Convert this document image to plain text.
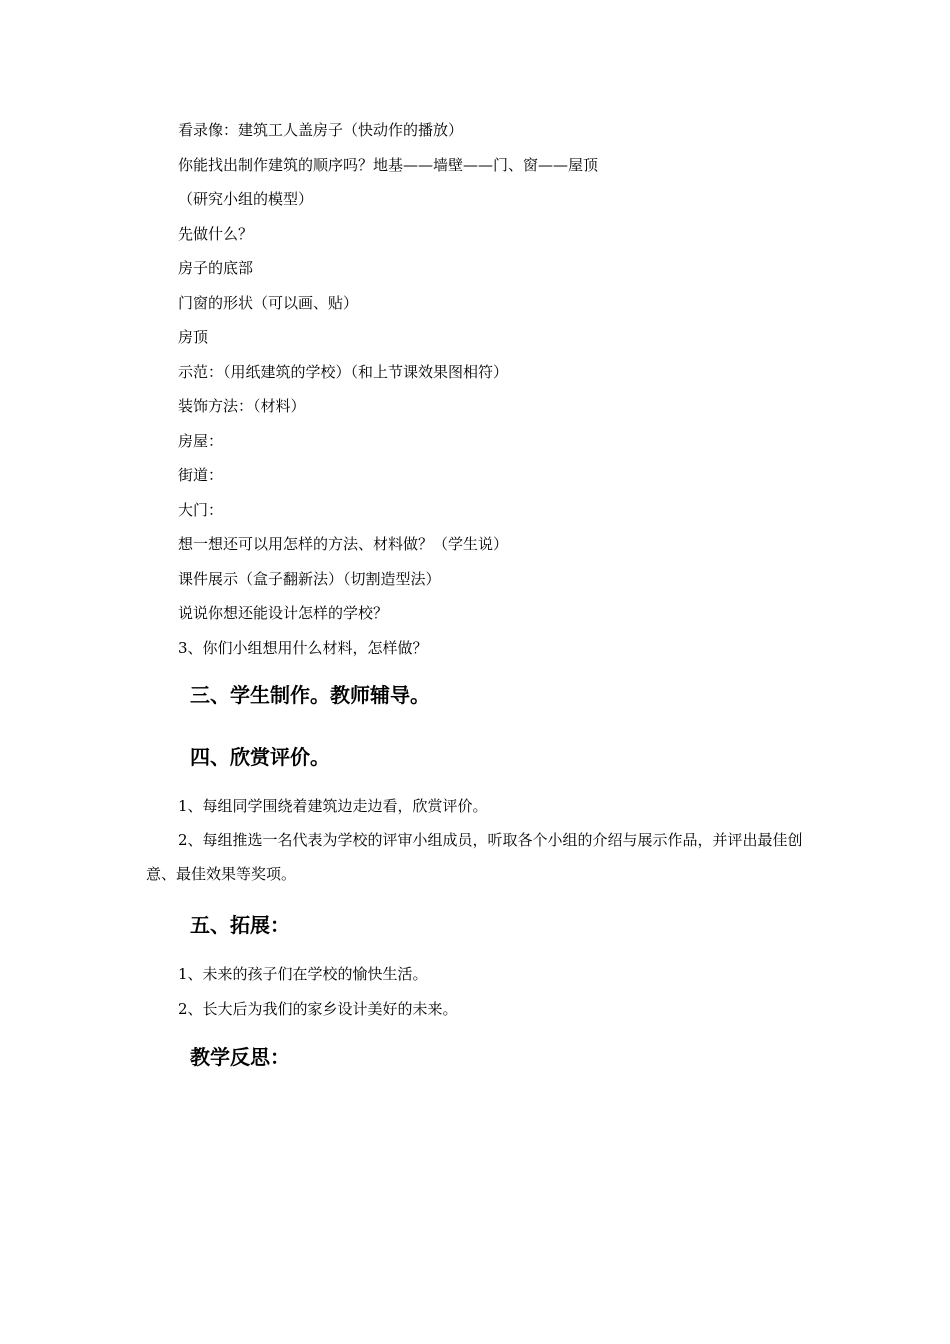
看录像：建筑工人盖房子（快动作的播放）
你能找出制作建筑的顺序吗？地基——墙壁——门、窗——屋顶
（研究小组的模型）
先做什么？
房子的底部
门窗的形状（可以画、贴）
房顶
示范：（用纸建筑的学校）（和上节课效果图相符）
装饰方法：（材料）
房屋：
街道：
大门：
想一想还可以用怎样的方法、材料做？（学生说）
课件展示（盒子翻新法）（切割造型法）
说说你想还能设计怎样的学校？
3、你们小组想用什么材料，怎样做？
三、学生制作。教师辅导。
四、欣赏评价。
1、每组同学围绕着建筑边走边看，欣赏评价。
2、每组推选一名代表为学校的评审小组成员，听取各个小组的介绍与展示作品，并评出最佳创意、最佳效果等奖项。
五、拓展：
1、未来的孩子们在学校的愉快生活。
2、长大后为我们的家乡设计美好的未来。
教学反思：
